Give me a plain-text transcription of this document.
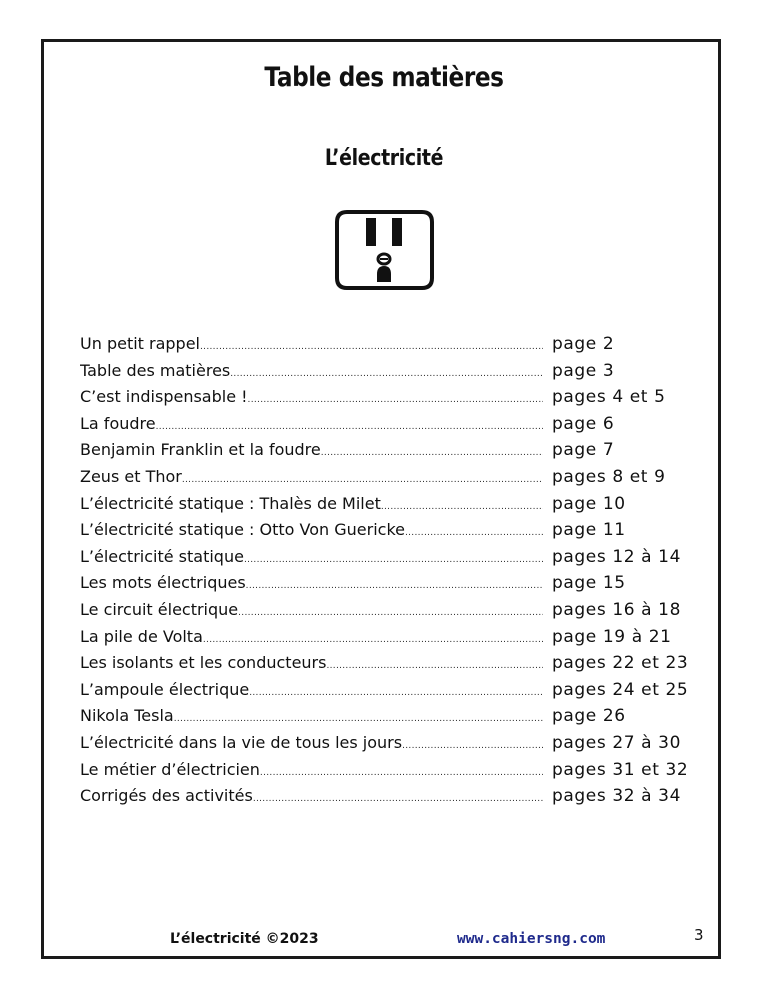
Table des matières
L’électricité
Un petit rappel .....	page 2
Table des matières .....	page 3
C’est indispensable ! .....	pages 4 et 5
La foudre .....	page 6
Benjamin Franklin et la foudre .....	page 7
Zeus et Thor .....	pages 8 et 9
L’électricité statique : Thalès de Milet .....	page 10
L’électricité statique : Otto Von Guericke .....	page 11
L’électricité statique .....	pages 12 à 14
Les mots électriques .....	page 15
Le circuit électrique .....	pages 16 à 18
La pile de Volta .....	page 19 à 21
Les isolants et les conducteurs .....	pages 22 et 23
L’ampoule électrique .....	pages 24 et 25
Nikola Tesla .....	page 26
L’électricité dans la vie de tous les jours .....	pages 27 à 30
Le métier d’électricien .....	pages 31 et 32
Corrigés des activités .....	pages 32 à 34
L’électricité ©2023	www.cahiersng.com	3
